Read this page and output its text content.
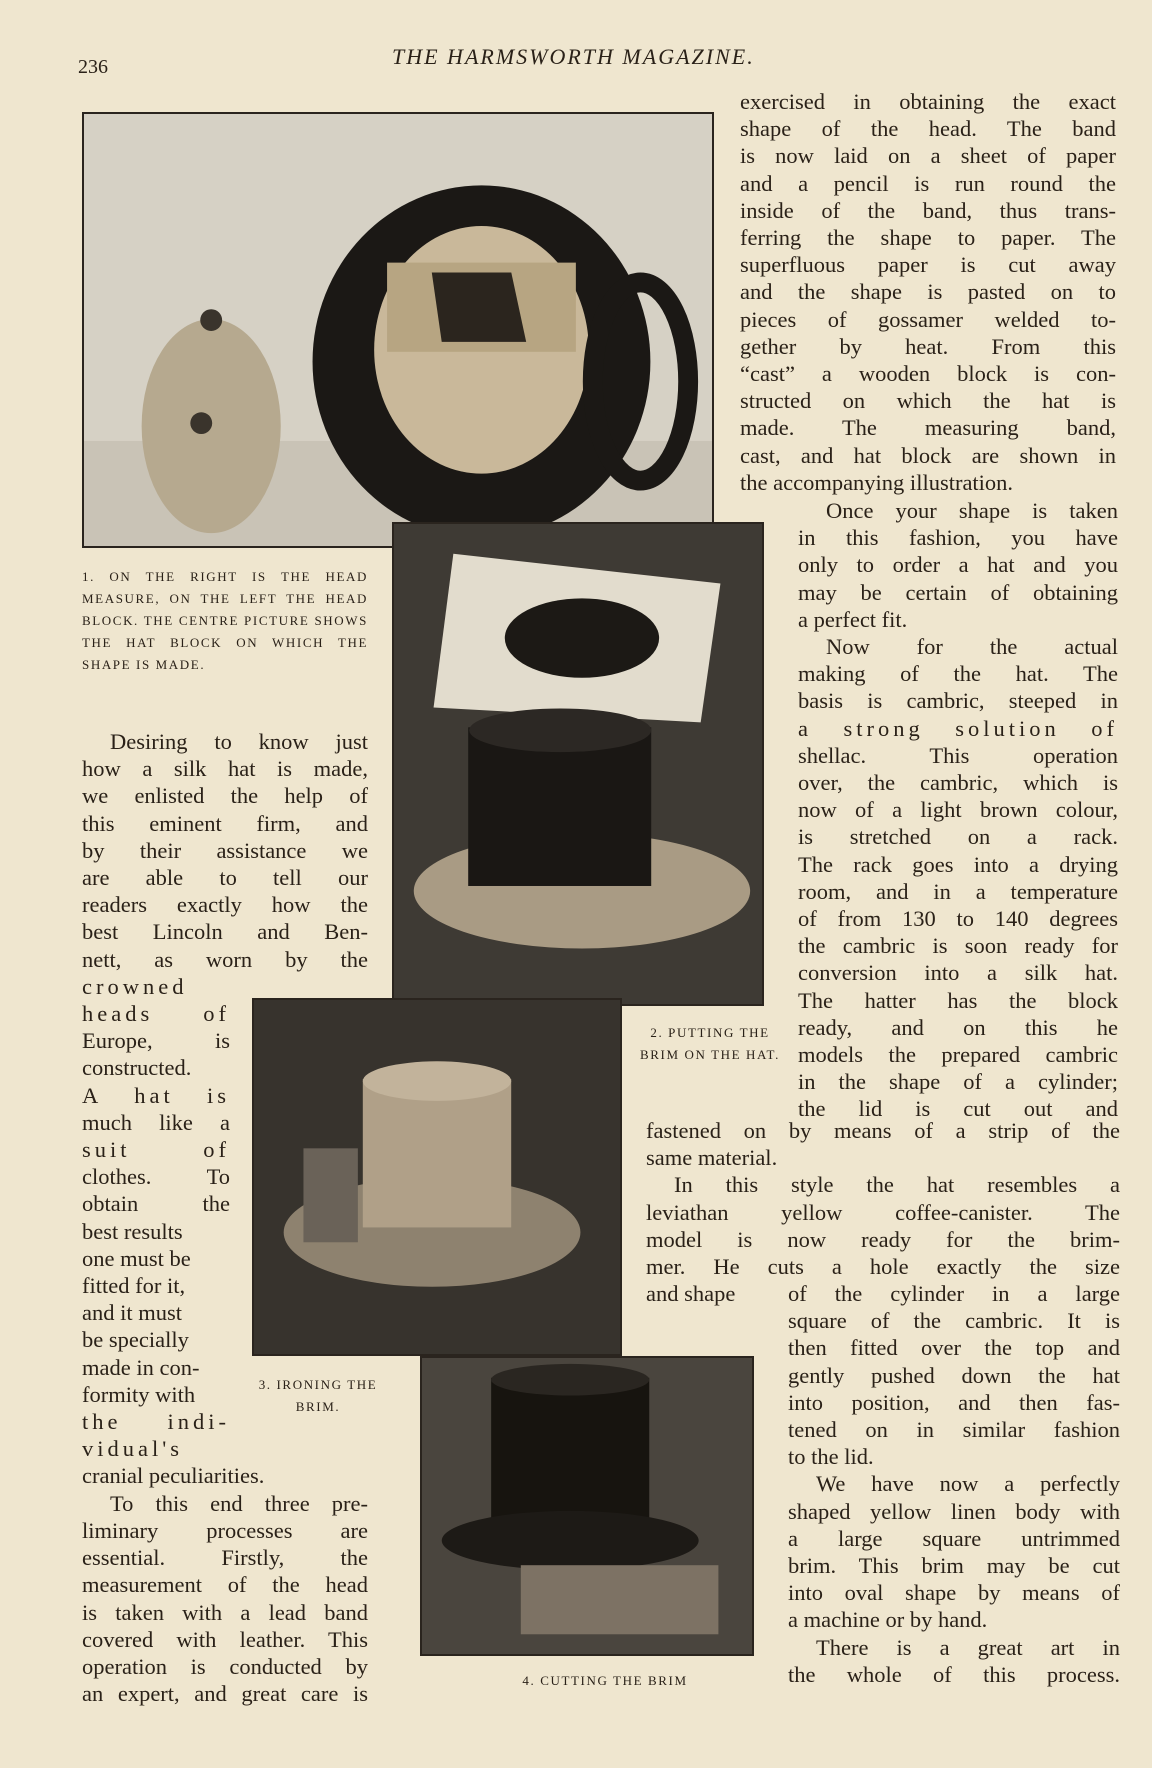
236	THE HARMSWORTH MAGAZINE.
1. ON THE RIGHT IS THE HEAD MEASURE, ON THE LEFT THE HEAD BLOCK. THE CENTRE PICTURE SHOWS THE HAT BLOCK ON WHICH THE SHAPE IS MADE.
2. PUTTING THE BRIM ON THE HAT.
3. IRONING THE BRIM.
4. CUTTING THE BRIM
Desiring to know just
how a silk hat is made,
we enlisted the help of
this eminent firm, and
by their assistance we
are able to tell our
readers exactly how the
best Lincoln and Ben-
nett, as worn by the
crowned
heads of
Europe, is
constructed.
A hat is
much like a
suit of
clothes. To
obtain the
best results
one must be
fitted for it,
and it must
be specially
made in con-
formity with
the indi-
vidual's
cranial peculiarities.
To this end three pre-
liminary processes are
essential. Firstly, the
measurement of the head
is taken with a lead band
covered with leather. This
operation is conducted by
an expert, and great care is
exercised in obtaining the exact
shape of the head. The band
is now laid on a sheet of paper
and a pencil is run round the
inside of the band, thus trans-
ferring the shape to paper. The
superfluous paper is cut away
and the shape is pasted on to
pieces of gossamer welded to-
gether by heat. From this
“cast” a wooden block is con-
structed on which the hat is
made. The measuring band,
cast, and hat block are shown in
the accompanying illustration.
Once your shape is taken
in this fashion, you have
only to order a hat and you
may be certain of obtaining
a perfect fit.
Now for the actual
making of the hat. The
basis is cambric, steeped in
a strong solution of
shellac. This operation
over, the cambric, which is
now of a light brown colour,
is stretched on a rack.
The rack goes into a drying
room, and in a temperature
of from 130 to 140 degrees
the cambric is soon ready for
conversion into a silk hat.
The hatter has the block
ready, and on this he
models the prepared cambric
in the shape of a cylinder;
the lid is cut out and
fastened on by means of a strip of the
same material.
In this style the hat resembles a
leviathan yellow coffee-canister. The
model is now ready for the brim-
mer. He cuts a hole exactly the size
and shape	of the cylinder in a large
square of the cambric. It is
then fitted over the top and
gently pushed down the hat
into position, and then fas-
tened on in similar fashion
to the lid.
We have now a perfectly
shaped yellow linen body with
a large square untrimmed
brim. This brim may be cut
into oval shape by means of
a machine or by hand.
There is a great art in
the whole of this process.
